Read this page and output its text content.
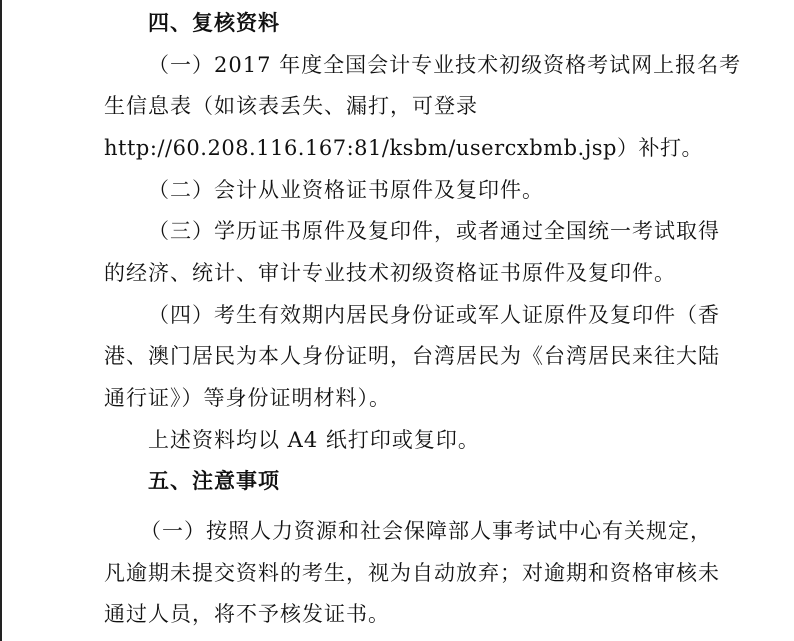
四、复核资料
（一）2017 年度全国会计专业技术初级资格考试网上报名考
生信息表（如该表丢失、漏打，可登录
http://60.208.116.167:81/ksbm/usercxbmb.jsp）补打。
（二）会计从业资格证书原件及复印件。
（三）学历证书原件及复印件，或者通过全国统一考试取得
的经济、统计、审计专业技术初级资格证书原件及复印件。
（四）考生有效期内居民身份证或军人证原件及复印件（香
港、澳门居民为本人身份证明，台湾居民为《台湾居民来往大陆
通行证》）等身份证明材料）。
上述资料均以 A4 纸打印或复印。
五、注意事项
（一）按照人力资源和社会保障部人事考试中心有关规定，
凡逾期未提交资料的考生，视为自动放弃；对逾期和资格审核未
通过人员，将不予核发证书。
